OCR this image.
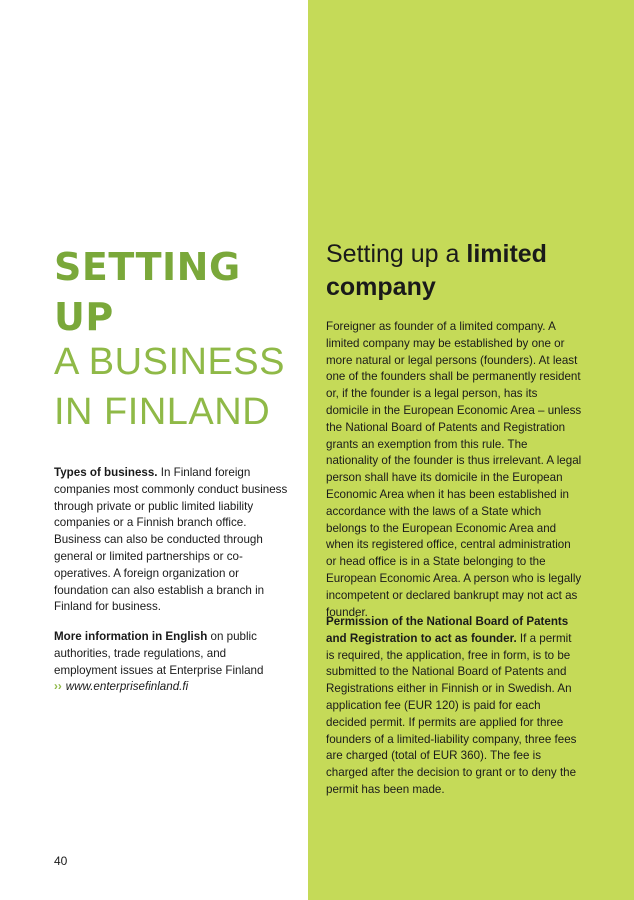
SETTING
UP
A BUSINESS
IN FINLAND
Types of business. In Finland foreign companies most commonly conduct business through private or public limited liability companies or a Finnish branch office. Business can also be conducted through general or limited partnerships or co-operatives. A foreign organization or foundation can also establish a branch in Finland for business.
More information in English on public authorities, trade regulations, and employment issues at Enterprise Finland
›› www.enterprisefinland.fi
40
Setting up a limited
company
Foreigner as founder of a limited company. A limited company may be established by one or more natural or legal persons (founders). At least one of the founders shall be permanently resident or, if the founder is a legal person, has its domicile in the European Economic Area – unless the National Board of Patents and Registration grants an exemption from this rule. The nationality of the founder is thus irrelevant. A legal person shall have its domicile in the European Economic Area when it has been established in accordance with the laws of a State which belongs to the European Economic Area and when its registered office, central administration or head office is in a State belonging to the European Economic Area. A person who is legally incompetent or declared bankrupt may not act as founder.
Permission of the National Board of Patents and Registration to act as founder. If a permit is required, the application, free in form, is to be submitted to the National Board of Patents and Registrations either in Finnish or in Swedish. An application fee (EUR 120) is paid for each decided permit. If permits are applied for three founders of a limited-liability company, three fees are charged (total of EUR 360). The fee is charged after the decision to grant or to deny the permit has been made.
